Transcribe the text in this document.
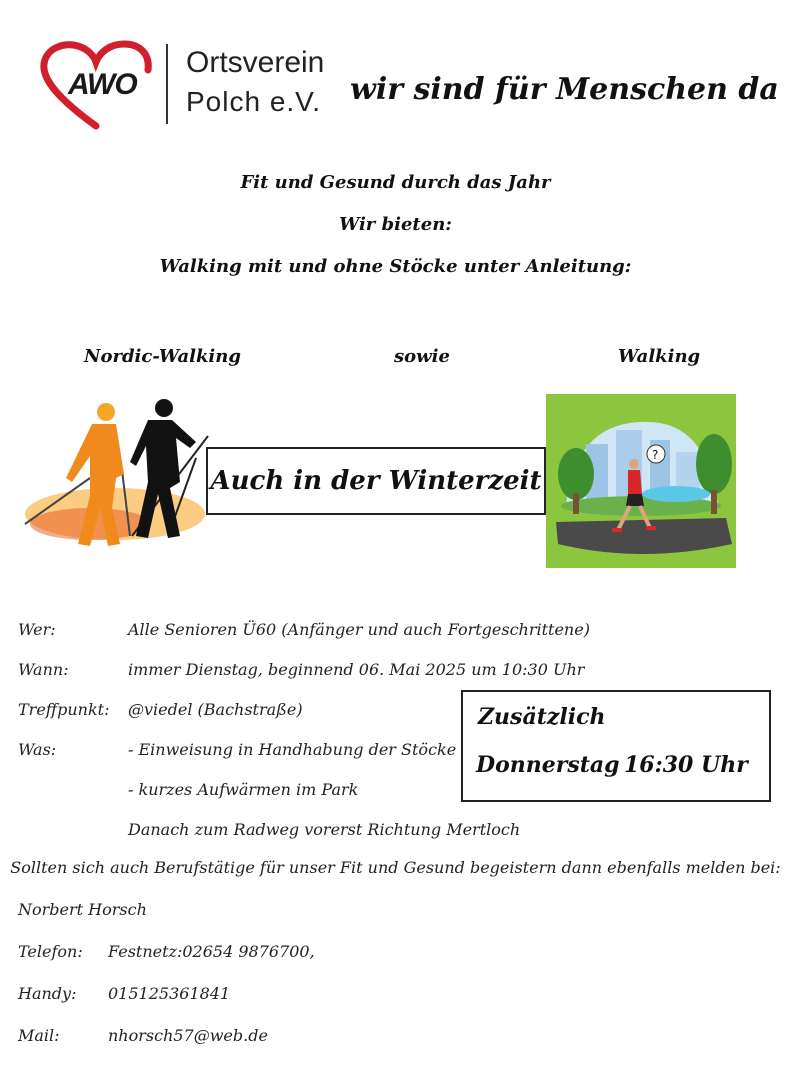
AWO
Ortsverein
Polch e.V. wir sind für Menschen da
Fit und Gesund durch das Jahr
Wir bieten:
Walking mit und ohne Stöcke unter Anleitung:
Nordic-Walking	sowie	Walking
Auch in der Winterzeit
?
Wer:	Alle Senioren Ü60 (Anfänger und auch Fortgeschrittene)
Wann:	immer Dienstag, beginnend 06. Mai 2025 um 10:30 Uhr
Treffpunkt: @viedel (Bachstraße)
Was:	- Einweisung in Handhabung der Stöcke
- kurzes Aufwärmen im Park
Danach zum Radweg vorerst Richtung Mertloch
Zusätzlich
Donnerstag 16:30 Uhr
Sollten sich auch Berufstätige für unser Fit und Gesund begeistern dann ebenfalls melden bei:
Norbert Horsch
Telefon: Festnetz:02654 9876700,
Handy: 015125361841
Mail:	nhorsch57@web.de
